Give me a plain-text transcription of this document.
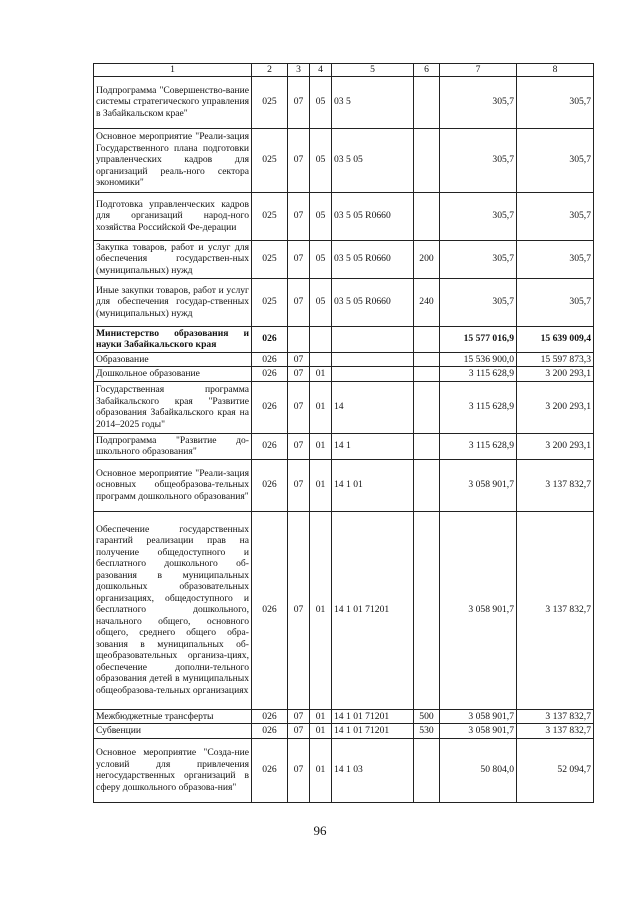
1	2	3	4	5	6	7	8
Подпрограмма "Совершенство-вание системы стратегического управления в Забайкальском крае"	025	07	05	03 5		305,7	305,7
Основное мероприятие "Реали-зация Государственного плана подготовки управленческих кадров для организаций реаль-ного сектора экономики"	025	07	05	03 5 05		305,7	305,7
Подготовка управленческих кадров для организаций народ-ного хозяйства Российской Фе-дерации	025	07	05	03 5 05 R0660		305,7	305,7
Закупка товаров, работ и услуг для обеспечения государствен-ных (муниципальных) нужд	025	07	05	03 5 05 R0660	200	305,7	305,7
Иные закупки товаров, работ и услуг для обеспечения государ-ственных (муниципальных) нужд	025	07	05	03 5 05 R0660	240	305,7	305,7
Министерство образования и науки Забайкальского края	026					15 577 016,9	15 639 009,4
Образование	026	07				15 536 900,0	15 597 873,3
Дошкольное образование	026	07	01			3 115 628,9	3 200 293,1
Государственная программа Забайкальского края "Развитие образования Забайкальского края на 2014–2025 годы"	026	07	01	14		3 115 628,9	3 200 293,1
Подпрограмма "Развитие до-школьного образования"	026	07	01	14 1		3 115 628,9	3 200 293,1
Основное мероприятие "Реали-зация основных общеобразова-тельных программ дошкольного образования"	026	07	01	14 1 01		3 058 901,7	3 137 832,7
Обеспечение государственных гарантий реализации прав на получение общедоступного и бесплатного дошкольного об-разования в муниципальных дошкольных образовательных организациях, общедоступного и бесплатного дошкольного, начального общего, основного общего, среднего общего обра-зования в муниципальных об-щеобразовательных организа-циях, обеспечение дополни-тельного образования детей в муниципальных общеобразова-тельных организациях	026	07	01	14 1 01 71201		3 058 901,7	3 137 832,7
Межбюджетные трансферты	026	07	01	14 1 01 71201	500	3 058 901,7	3 137 832,7
Субвенции	026	07	01	14 1 01 71201	530	3 058 901,7	3 137 832,7
Основное мероприятие "Созда-ние условий для привлечения негосударственных организаций в сферу дошкольного образова-ния"	026	07	01	14 1 03		50 804,0	52 094,7
96
